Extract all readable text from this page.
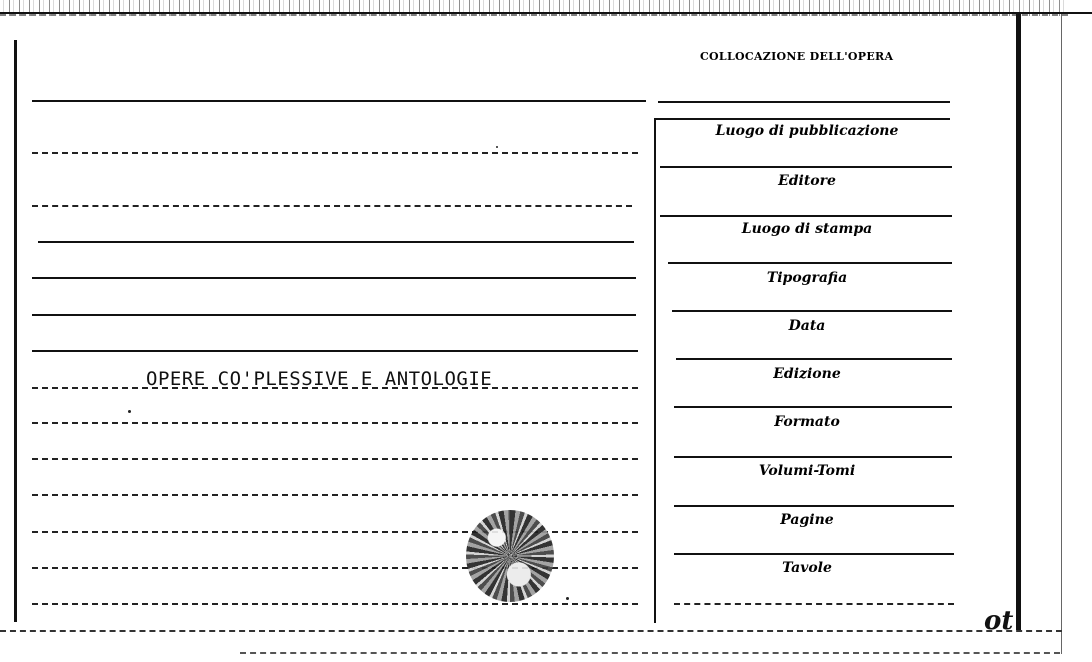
COLLOCAZIONE DELL'OPERA
OPERE CO'PLESSIVE E ANTOLOGIE
Luogo di pubblicazione
Editore
Luogo di stampa
Tipografia
Data
Edizione
Formato
Volumi-Tomi
Pagine
Tavole
ot
